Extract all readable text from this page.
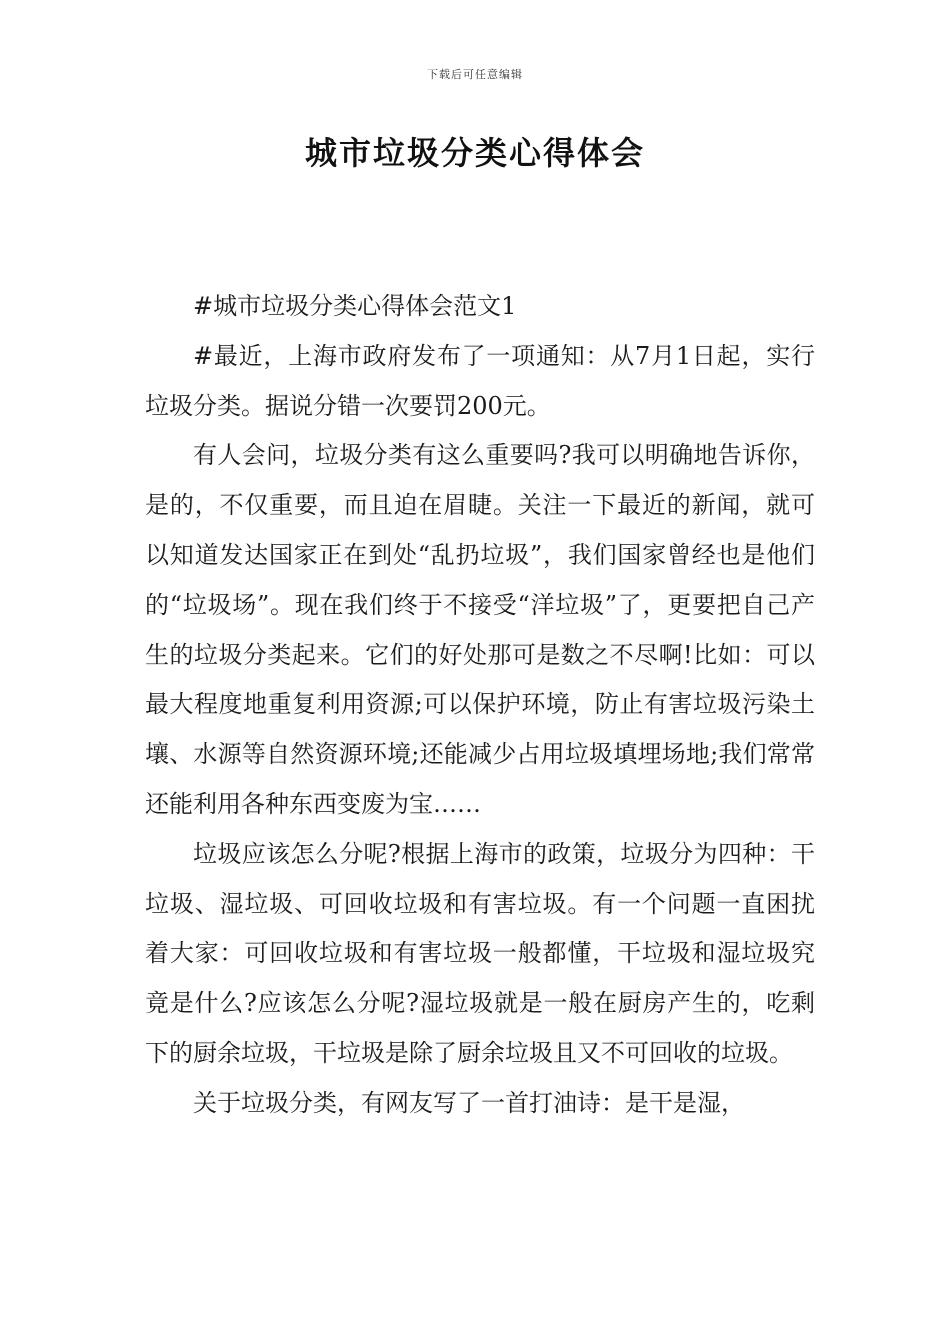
下载后可任意编辑
城市垃圾分类心得体会

#城市垃圾分类心得体会范文1

#最近，上海市政府发布了一项通知：从7月1日起，实行垃圾分类。据说分错一次要罚200元。

有人会问，垃圾分类有这么重要吗?我可以明确地告诉你，是的，不仅重要，而且迫在眉睫。关注一下最近的新闻，就可以知道发达国家正在到处“乱扔垃圾”，我们国家曾经也是他们的“垃圾场”。现在我们终于不接受“洋垃圾”了，更要把自己产生的垃圾分类起来。它们的好处那可是数之不尽啊!比如：可以最大程度地重复利用资源;可以保护环境，防止有害垃圾污染土壤、水源等自然资源环境;还能减少占用垃圾填埋场地;我们常常还能利用各种东西变废为宝……

垃圾应该怎么分呢?根据上海市的政策，垃圾分为四种：干垃圾、湿垃圾、可回收垃圾和有害垃圾。有一个问题一直困扰着大家：可回收垃圾和有害垃圾一般都懂，干垃圾和湿垃圾究竟是什么?应该怎么分呢?湿垃圾就是一般在厨房产生的，吃剩下的厨余垃圾，干垃圾是除了厨余垃圾且又不可回收的垃圾。

关于垃圾分类，有网友写了一首打油诗：是干是湿，
